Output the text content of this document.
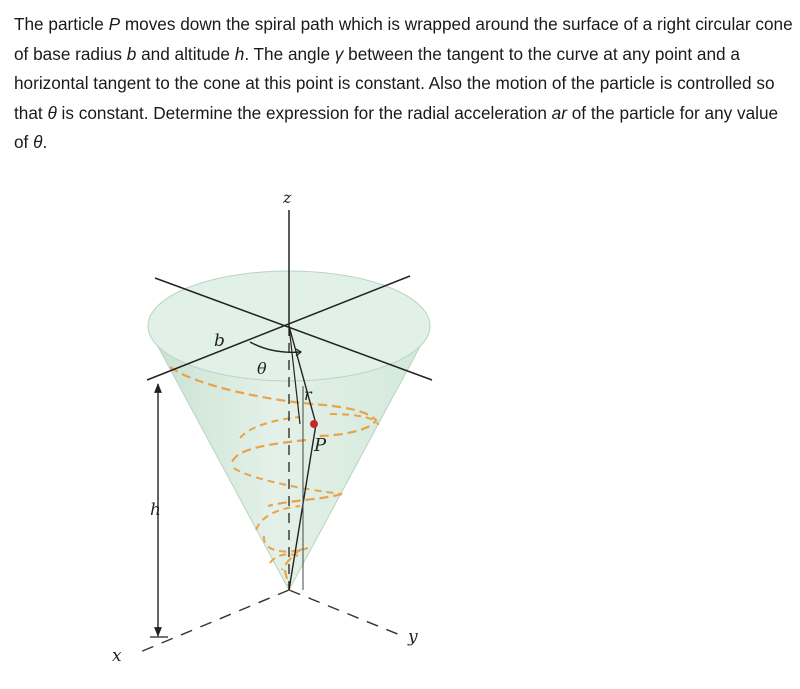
The particle P moves down the spiral path which is wrapped around the surface of a right circular cone of base radius b and altitude h. The angle γ between the tangent to the curve at any point and a horizontal tangent to the cone at this point is constant. Also the motion of the particle is controlled so that θ is constant. Determine the expression for the radial acceleration ar of the particle for any value of θ.

z
b
θ
r
P
h
x
y
